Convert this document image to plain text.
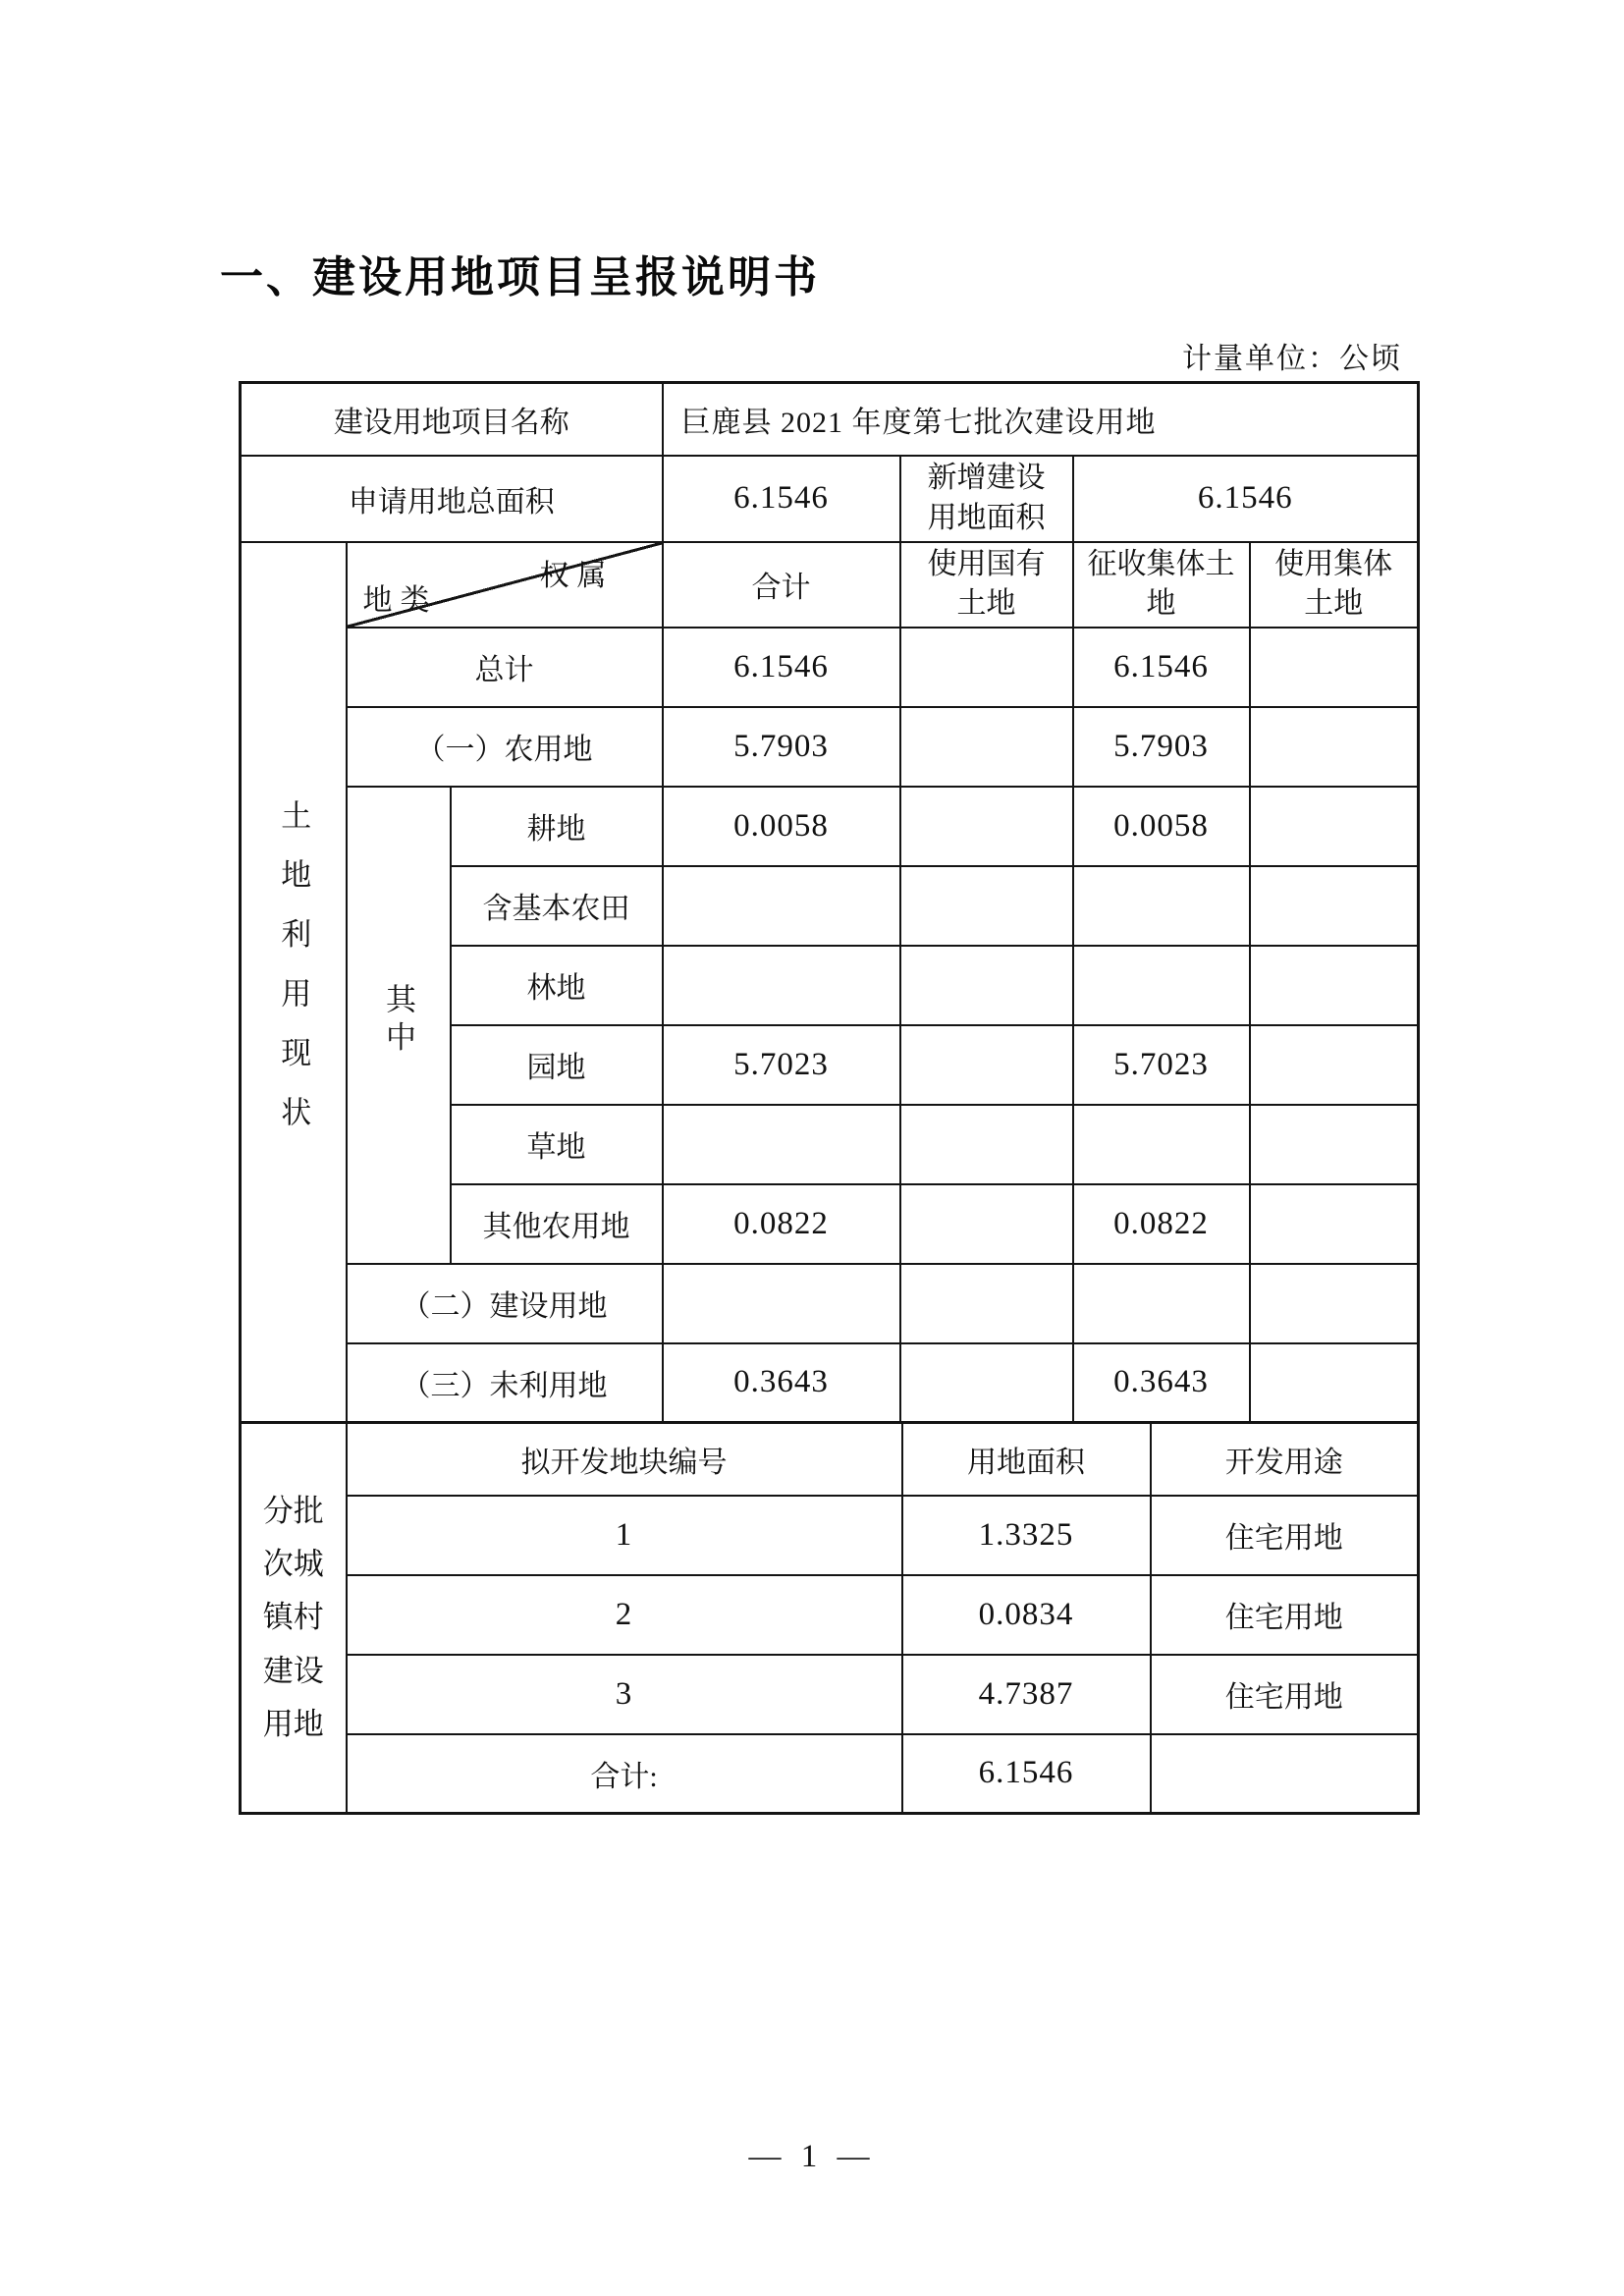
一、建设用地项目呈报说明书
计量单位：公顷
建设用地项目名称			巨鹿县 2021 年度第七批次建设用地			
申请用地总面积			6.1546	新增建设用地面积	6.1546	
土地利用现状	权属
地类		合计	使用国有土地	征收集体土地	使用集体土地
	总计		6.1546		6.1546	
	（一）农用地		5.7903		5.7903	
	其中	耕地	0.0058		0.0058	
		含基本农田				
		林地				
		园地	5.7023		5.7023	
		草地				
		其他农用地	0.0822		0.0822	
	（二）建设用地					
	（三）未利用地		0.3643		0.3643	
分批次城镇村建设用地	拟开发地块编号	用地面积	开发用途
	1	1.3325	住宅用地
	2	0.0834	住宅用地
	3	4.7387	住宅用地
	合计:	6.1546	
— 1 —
